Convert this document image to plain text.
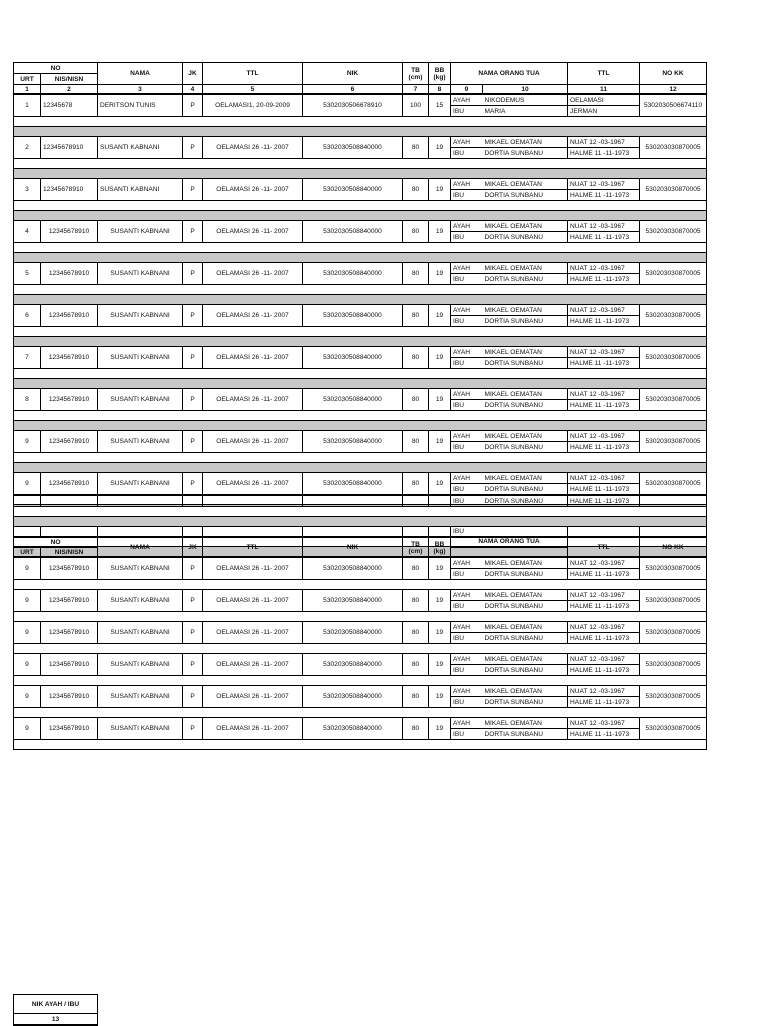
NO		NAMA	JK	TTL	NIK	TB (cm)	BB (kg)	NAMA ORANG TUA		TTL	NO KK
URT	NIS/NISN										
1	2	3	4	5	6	7	8	9	10	11	12
1	12345678	DERITSON TUNIS	P	OELAMASI1, 20-09-2009	5302030506678910	100	15	AYAH	NIKODEMUS	OELAMASI	5302030506674110
								IBU	MARIA	JERMAN	

2	12345678910	SUSANTI KABNANI	P	OELAMASI 26 -11- 2007	5302030508840000	80	19	AYAH	MIKAEL OEMATAN	NUAT 12 -03-1967	530203030870005
								IBU	DORTIA SUNBANU	HALME 11 -11-1973	

3	12345678910	SUSANTI KABNANI	P	OELAMASI 26 -11- 2007	5302030508840000	80	19	AYAH	MIKAEL OEMATAN	NUAT 12 -03-1967	530203030870005
								IBU	DORTIA SUNBANU	HALME 11 -11-1973	

4	12345678910	SUSANTI KABNANI	P	OELAMASI 26 -11- 2007	5302030508840000	80	19	AYAH	MIKAEL OEMATAN	NUAT 12 -03-1967	530203030870005
								IBU	DORTIA SUNBANU	HALME 11 -11-1973	

5	12345678910	SUSANTI KABNANI	P	OELAMASI 26 -11- 2007	5302030508840000	80	19	AYAH	MIKAEL OEMATAN	NUAT 12 -03-1967	530203030870005
								IBU	DORTIA SUNBANU	HALME 11 -11-1973	

6	12345678910	SUSANTI KABNANI	P	OELAMASI 26 -11- 2007	5302030508840000	80	19	AYAH	MIKAEL OEMATAN	NUAT 12 -03-1967	530203030870005
								IBU	DORTIA SUNBANU	HALME 11 -11-1973	

7	12345678910	SUSANTI KABNANI	P	OELAMASI 26 -11- 2007	5302030508840000	80	19	AYAH	MIKAEL OEMATAN	NUAT 12 -03-1967	530203030870005
								IBU	DORTIA SUNBANU	HALME 11 -11-1973	

8	12345678910	SUSANTI KABNANI	P	OELAMASI 26 -11- 2007	5302030508840000	80	19	AYAH	MIKAEL OEMATAN	NUAT 12 -03-1967	530203030870005
								IBU	DORTIA SUNBANU	HALME 11 -11-1973	

9	12345678910	SUSANTI KABNANI	P	OELAMASI 26 -11- 2007	5302030508840000	80	19	AYAH	MIKAEL OEMATAN	NUAT 12 -03-1967	530203030870005
								IBU	DORTIA SUNBANU	HALME 11 -11-1973	

9	12345678910	SUSANTI KABNANI	P	OELAMASI 26 -11- 2007	5302030508840000	80	19	AYAH	MIKAEL OEMATAN	NUAT 12 -03-1967	530203030870005
								IBU	DORTIA SUNBANU	HALME 11 -11-1973	

								IBU			

								IBU	DORTIA SUNBANU	HALME 11 -11-1973	

NO		NAMA	JK	TTL	NIK	TB (cm)	BB (kg)	NAMA ORANG TUA		TTL	NO KK
URT	NIS/NISN										
9	12345678910	SUSANTI KABNANI	P	OELAMASI 26 -11- 2007	5302030508840000	80	19	AYAH	MIKAEL OEMATAN	NUAT 12 -03-1967	530203030870005
								IBU	DORTIA SUNBANU	HALME 11 -11-1973	

9	12345678910	SUSANTI KABNANI	P	OELAMASI 26 -11- 2007	5302030508840000	80	19	AYAH	MIKAEL OEMATAN	NUAT 12 -03-1967	530203030870005
								IBU	DORTIA SUNBANU	HALME 11 -11-1973	

9	12345678910	SUSANTI KABNANI	P	OELAMASI 26 -11- 2007	5302030508840000	80	19	AYAH	MIKAEL OEMATAN	NUAT 12 -03-1967	530203030870005
								IBU	DORTIA SUNBANU	HALME 11 -11-1973	

9	12345678910	SUSANTI KABNANI	P	OELAMASI 26 -11- 2007	5302030508840000	80	19	AYAH	MIKAEL OEMATAN	NUAT 12 -03-1967	530203030870005
								IBU	DORTIA SUNBANU	HALME 11 -11-1973	

9	12345678910	SUSANTI KABNANI	P	OELAMASI 26 -11- 2007	5302030508840000	80	19	AYAH	MIKAEL OEMATAN	NUAT 12 -03-1967	530203030870005
								IBU	DORTIA SUNBANU	HALME 11 -11-1973	

9	12345678910	SUSANTI KABNANI	P	OELAMASI 26 -11- 2007	5302030508840000	80	19	AYAH	MIKAEL OEMATAN	NUAT 12 -03-1967	530203030870005
								IBU	DORTIA SUNBANU	HALME 11 -11-1973	

NIK AYAH / IBU
13
